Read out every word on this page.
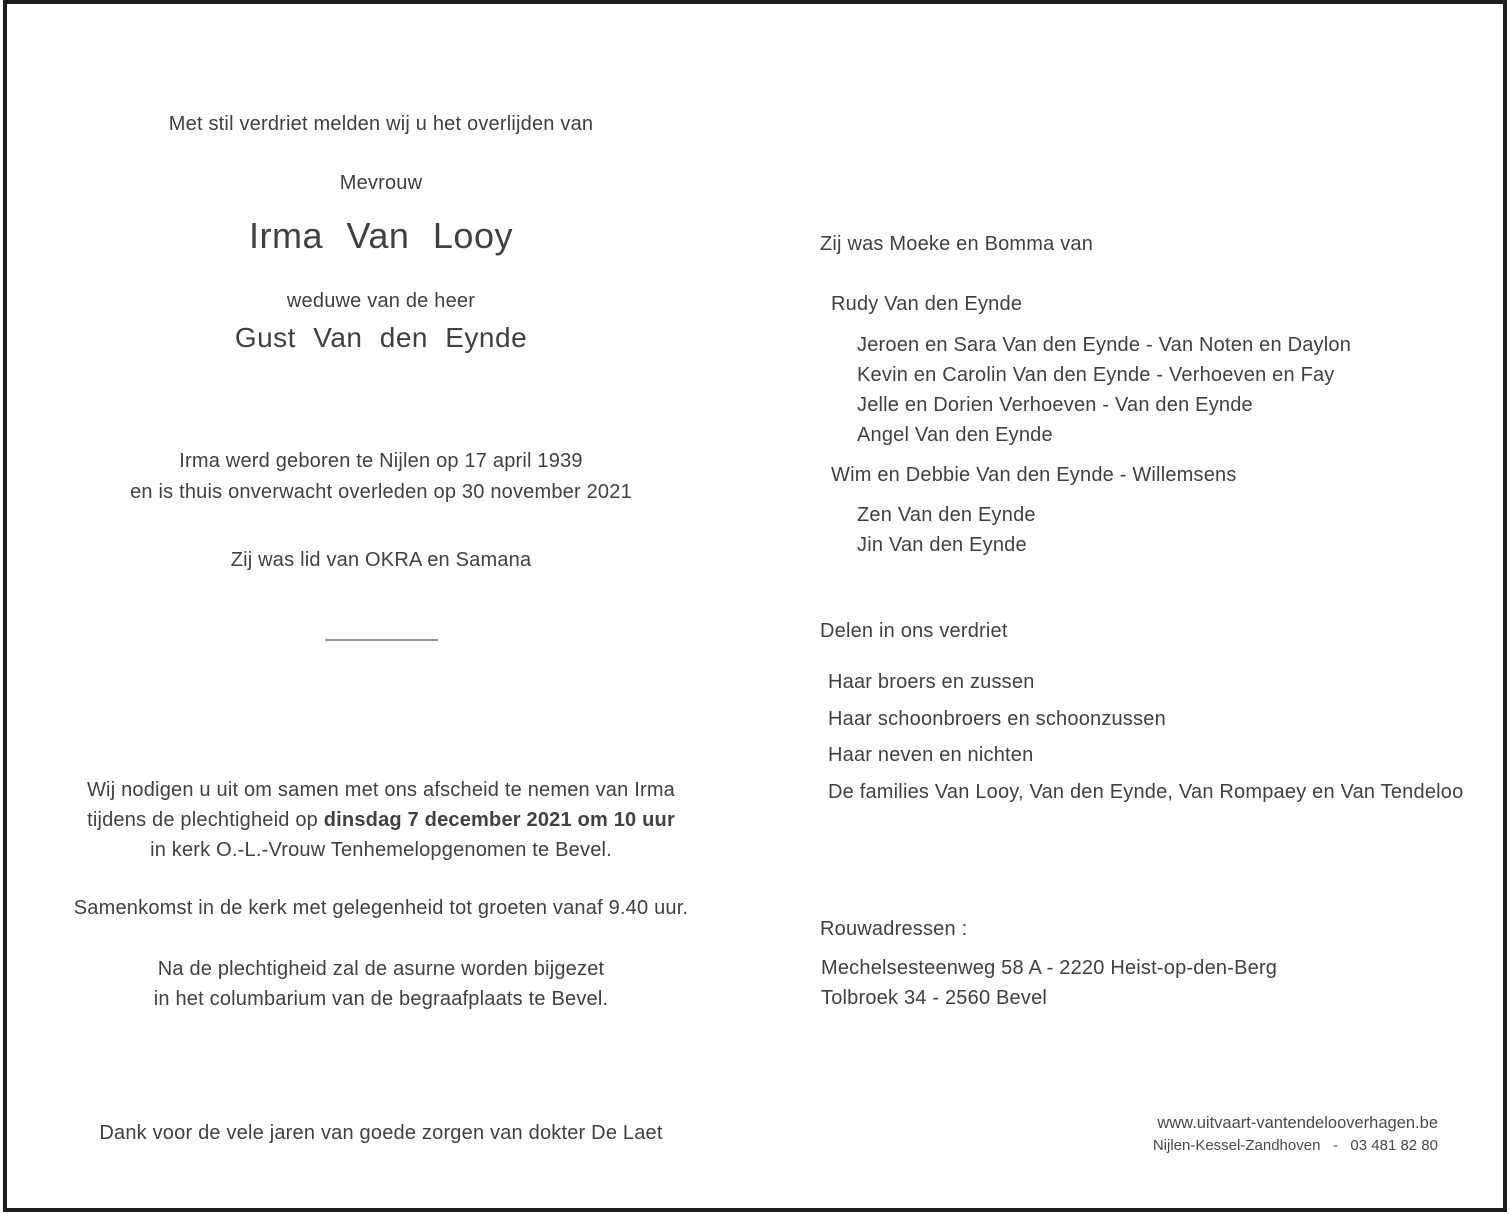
Met stil verdriet melden wij u het overlijden van
Mevrouw
Irma Van Looy
weduwe van de heer
Gust Van den Eynde
Irma werd geboren te Nijlen op 17 april 1939
en is thuis onverwacht overleden op 30 november 2021
Zij was lid van OKRA en Samana
Wij nodigen u uit om samen met ons afscheid te nemen van Irma
tijdens de plechtigheid op dinsdag 7 december 2021 om 10 uur
in kerk O.-L.-Vrouw Tenhemelopgenomen te Bevel.
Samenkomst in de kerk met gelegenheid tot groeten vanaf 9.40 uur.
Na de plechtigheid zal de asurne worden bijgezet
in het columbarium van de begraafplaats te Bevel.
Dank voor de vele jaren van goede zorgen van dokter De Laet
Zij was Moeke en Bomma van
Rudy Van den Eynde
Jeroen en Sara Van den Eynde - Van Noten en Daylon
Kevin en Carolin Van den Eynde - Verhoeven en Fay
Jelle en Dorien Verhoeven - Van den Eynde
Angel Van den Eynde
Wim en Debbie Van den Eynde - Willemsens
Zen Van den Eynde
Jin Van den Eynde
Delen in ons verdriet
Haar broers en zussen
Haar schoonbroers en schoonzussen
Haar neven en nichten
De families Van Looy, Van den Eynde, Van Rompaey en Van Tendeloo
Rouwadressen :
Mechelsesteenweg 58 A - 2220 Heist-op-den-Berg
Tolbroek 34 - 2560 Bevel
www.uitvaart-vantendelooverhagen.be
Nijlen-Kessel-Zandhoven   -   03 481 82 80
